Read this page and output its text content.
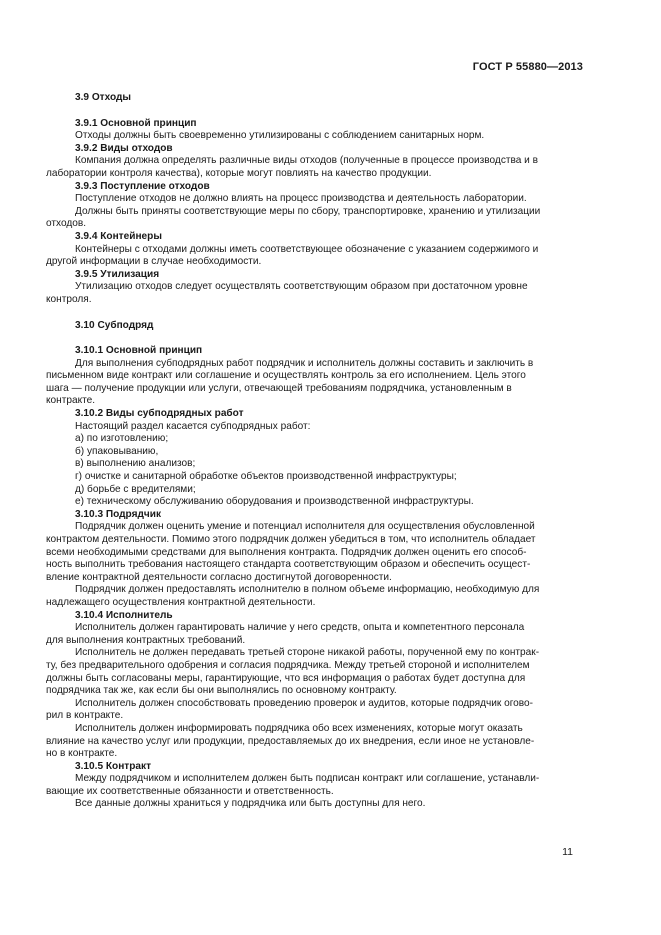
ГОСТ Р 55880—2013
3.9 Отходы
3.9.1 Основной принцип
Отходы должны быть своевременно утилизированы с соблюдением санитарных норм.
3.9.2 Виды отходов
Компания должна определять различные виды отходов (полученные в процессе производства и в
лаборатории контроля качества), которые могут повлиять на качество продукции.
3.9.3 Поступление отходов
Поступление отходов не должно влиять на процесс производства и деятельность лаборатории.
Должны быть приняты соответствующие меры по сбору, транспортировке, хранению и утилизации
отходов.
3.9.4 Контейнеры
Контейнеры с отходами должны иметь соответствующее обозначение с указанием содержимого и
другой информации в случае необходимости.
3.9.5 Утилизация
Утилизацию отходов следует осуществлять соответствующим образом при достаточном уровне
контроля.
3.10 Субподряд
3.10.1 Основной принцип
Для выполнения субподрядных работ подрядчик и исполнитель должны составить и заключить в
письменном виде контракт или соглашение и осуществлять контроль за его исполнением. Цель этого
шага — получение продукции или услуги, отвечающей требованиям подрядчика, установленным в
контракте.
3.10.2 Виды субподрядных работ
Настоящий раздел касается субподрядных работ:
а) по изготовлению;
б) упаковыванию,
в) выполнению анализов;
г) очистке и санитарной обработке объектов производственной инфраструктуры;
д) борьбе с вредителями;
е) техническому обслуживанию оборудования и производственной инфраструктуры.
3.10.3 Подрядчик
Подрядчик должен оценить умение и потенциал исполнителя для осуществления обусловленной
контрактом деятельности. Помимо этого подрядчик должен убедиться в том, что исполнитель обладает
всеми необходимыми средствами для выполнения контракта. Подрядчик должен оценить его способ-
ность выполнить требования настоящего стандарта соответствующим образом и обеспечить осущест-
вление контрактной деятельности согласно достигнутой договоренности.
Подрядчик должен предоставлять исполнителю в полном объеме информацию, необходимую для
надлежащего осуществления контрактной деятельности.
3.10.4 Исполнитель
Исполнитель должен гарантировать наличие у него средств, опыта и компетентного персонала
для выполнения контрактных требований.
Исполнитель не должен передавать третьей стороне никакой работы, порученной ему по контрак-
ту, без предварительного одобрения и согласия подрядчика. Между третьей стороной и исполнителем
должны быть согласованы меры, гарантирующие, что вся информация о работах будет доступна для
подрядчика так же, как если бы они выполнялись по основному контракту.
Исполнитель должен способствовать проведению проверок и аудитов, которые подрядчик огово-
рил в контракте.
Исполнитель должен информировать подрядчика обо всех изменениях, которые могут оказать
влияние на качество услуг или продукции, предоставляемых до их внедрения, если иное не установле-
но в контракте.
3.10.5 Контракт
Между подрядчиком и исполнителем должен быть подписан контракт или соглашение, устанавли-
вающие их соответственные обязанности и ответственность.
Все данные должны храниться у подрядчика или быть доступны для него.
11
